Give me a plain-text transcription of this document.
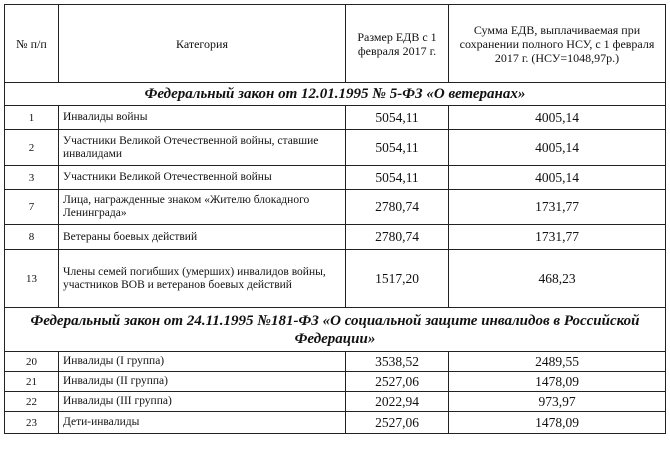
№ п/п	Категория	Размер ЕДВ с 1 февраля 2017 г.	Сумма ЕДВ, выплачиваемая при сохранении полного НСУ, с 1 февраля 2017 г. (НСУ=1048,97р.)
Федеральный закон от 12.01.1995 № 5-ФЗ «О ветеранах»			
1	Инвалиды войны	5054,11	4005,14
2	Участники Великой Отечественной войны, ставшие инвалидами	5054,11	4005,14
3	Участники Великой Отечественной войны	5054,11	4005,14
7	Лица, награжденные знаком «Жителю блокадного Ленинграда»	2780,74	1731,77
8	Ветераны боевых действий	2780,74	1731,77
13	Члены семей погибших (умерших) инвалидов войны, участников ВОВ и ветеранов боевых действий	1517,20	468,23
Федеральный закон от 24.11.1995 №181-ФЗ «О социальной защите инвалидов в Российской Федерации»			
20	Инвалиды (I группа)	3538,52	2489,55
21	Инвалиды (II группа)	2527,06	1478,09
22	Инвалиды (III группа)	2022,94	973,97
23	Дети-инвалиды	2527,06	1478,09
